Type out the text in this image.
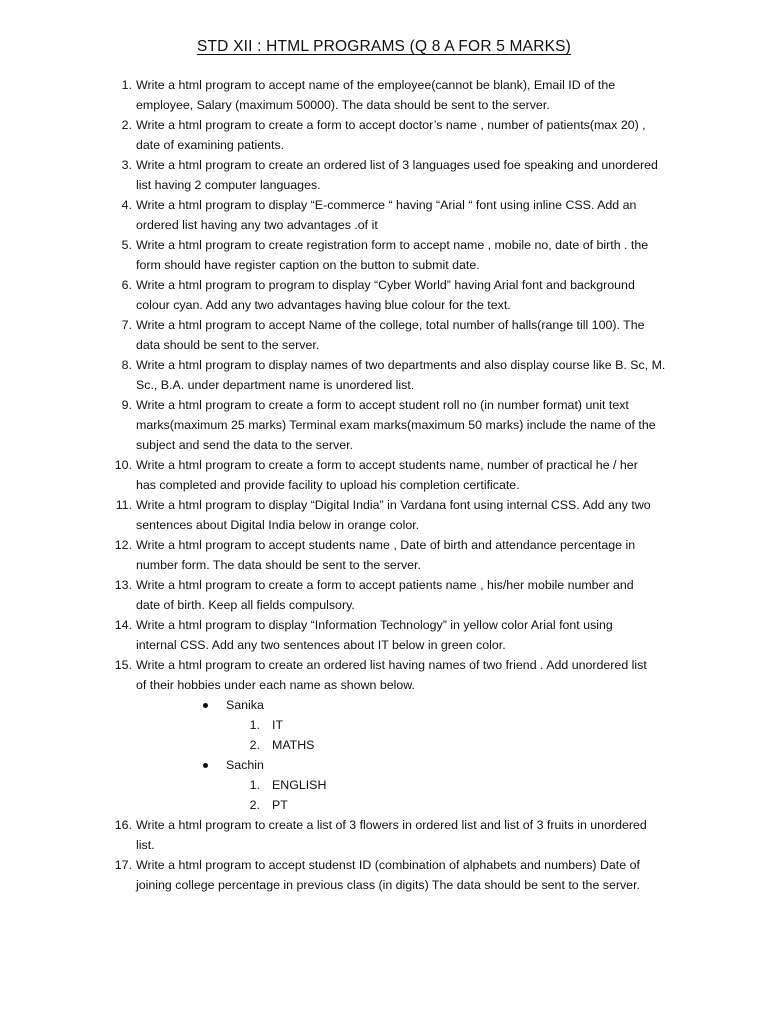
STD XII : HTML PROGRAMS (Q 8 A FOR 5 MARKS)
1. Write a html program to accept name of the employee(cannot be blank), Email ID of the
employee, Salary (maximum 50000). The data should be sent to the server.
2. Write a html program to create a form to accept doctor’s name , number of patients(max 20) ,
date of examining patients.
3. Write a html program to create an ordered list of 3 languages used foe speaking and unordered
list having 2 computer languages.
4. Write a html program to display “E-commerce “ having “Arial “ font using inline CSS. Add an
ordered list having any two advantages .of it
5. Write a html program to create registration form to accept name , mobile no, date of birth . the
form should have register caption on the button to submit date.
6. Write a html program to program to display “Cyber World” having Arial font and background
colour cyan. Add any two advantages having blue colour for the text.
7. Write a html program to accept Name of the college, total number of halls(range till 100). The
data should be sent to the server.
8. Write a html program to display names of two departments and also display course like B. Sc, M.
Sc., B.A. under department name is unordered list.
9. Write a html program to create a form to accept student roll no (in number format) unit text
marks(maximum 25 marks) Terminal exam marks(maximum 50 marks) include the name of the
subject and send the data to the server.
10. Write a html program to create a form to accept students name, number of practical he / her
has completed and provide facility to upload his completion certificate.
11. Write a html program to display “Digital India” in Vardana font using internal CSS. Add any two
sentences about Digital India below in orange color.
12. Write a html program to accept students name , Date of birth and attendance percentage in
number form. The data should be sent to the server.
13. Write a html program to create a form to accept patients name , his/her mobile number and
date of birth. Keep all fields compulsory.
14. Write a html program to display “Information Technology” in yellow color Arial font using
internal CSS. Add any two sentences about IT below in green color.
15. Write a html program to create an ordered list having names of two friend . Add unordered list
of their hobbies under each name as shown below.
Sanika
1. IT
2. MATHS
Sachin
1. ENGLISH
2. PT
16. Write a html program to create a list of 3 flowers in ordered list and list of 3 fruits in unordered
list.
17. Write a html program to accept studenst ID (combination of alphabets and numbers) Date of
joining college percentage in previous class (in digits) The data should be sent to the server.
